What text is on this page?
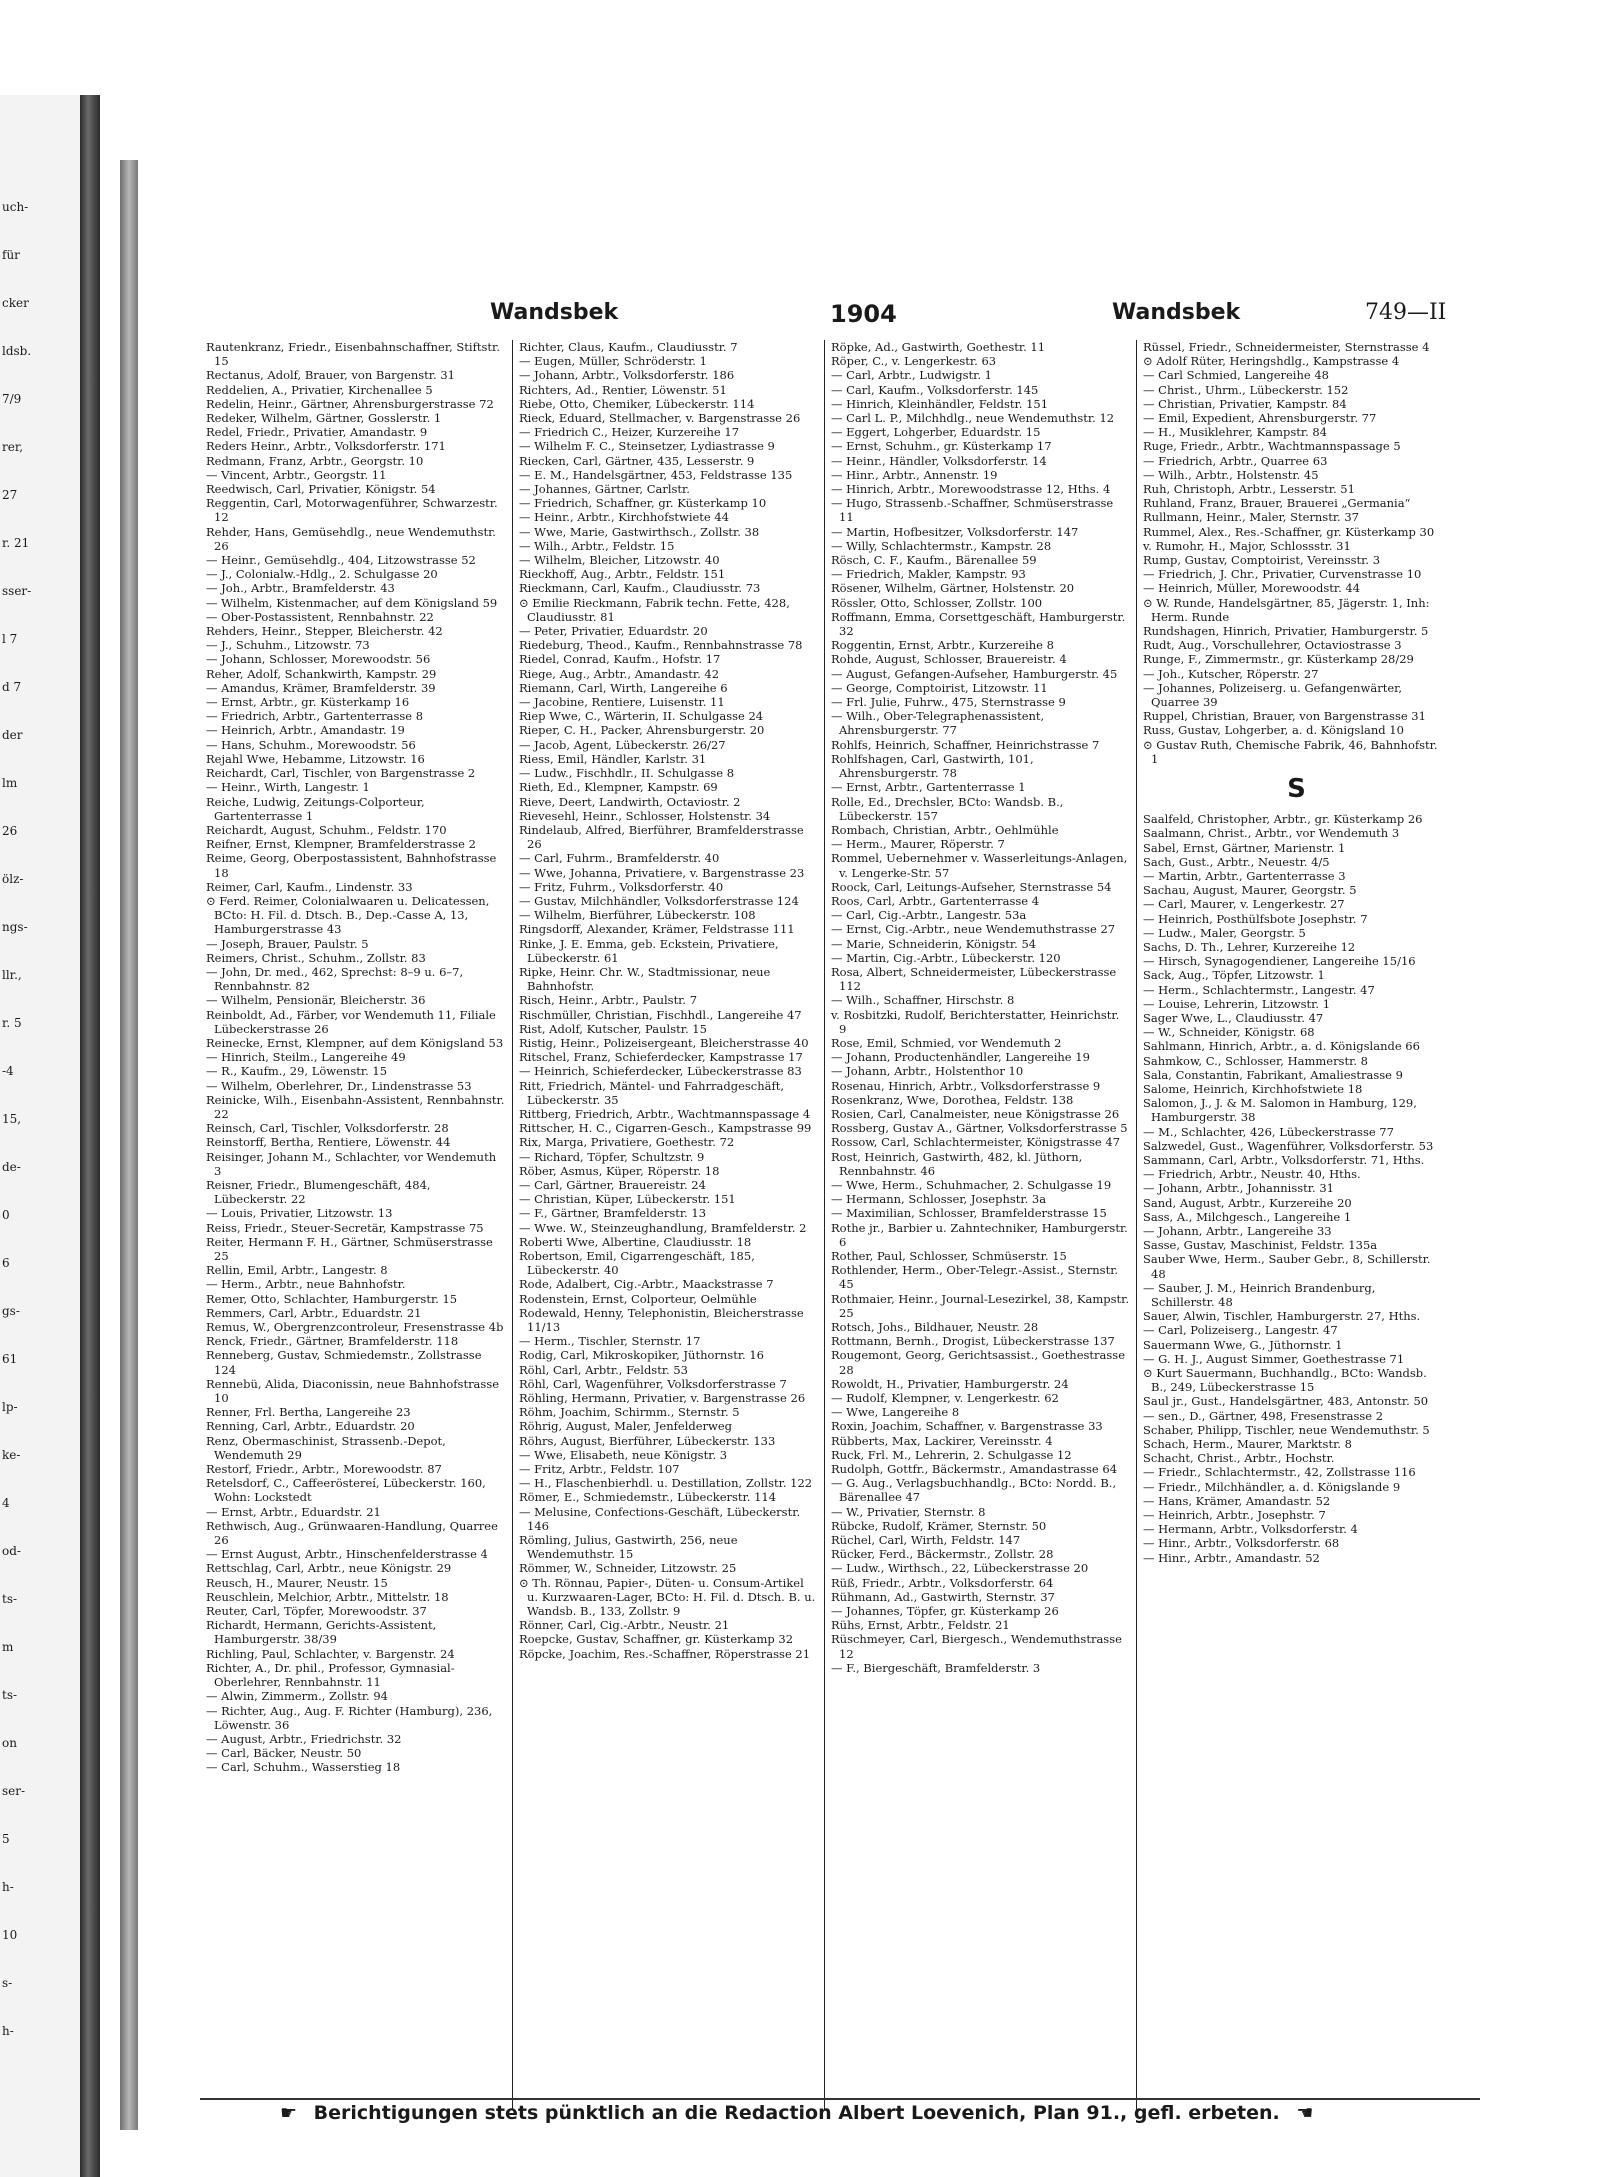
uch-
für
cker
ldsb.
7/9
rer,
27
r. 21
sser-
l 7
d 7
der
lm
26
ölz-
ngs-
llr.,
r. 5
-4
15,
de-
0
6
gs-
61
lp-
ke-
4
od-
ts-
m
ts-
on
ser-
5
h-
10
s-
h-
Wandsbek	1904	Wandsbek	749—II

Rautenkranz, Friedr., Eisenbahnschaffner, Stiftstr. 15

Rectanus, Adolf, Brauer, von Bargenstr. 31

Reddelien, A., Privatier, Kirchenallee 5

Redelin, Heinr., Gärtner, Ahrensburgerstrasse 72

Redeker, Wilhelm, Gärtner, Gosslerstr. 1

Redel, Friedr., Privatier, Amandastr. 9

Reders Heinr., Arbtr., Volksdorferstr. 171

Redmann, Franz, Arbtr., Georgstr. 10

— Vincent, Arbtr., Georgstr. 11

Reedwisch, Carl, Privatier, Königstr. 54

Reggentin, Carl, Motorwagenführer, Schwarzestr. 12

Rehder, Hans, Gemüsehdlg., neue Wendemuthstr. 26

— Heinr., Gemüsehdlg., 404, Litzowstrasse 52

— J., Colonialw.-Hdlg., 2. Schulgasse 20

— Joh., Arbtr., Bramfelderstr. 43

— Wilhelm, Kistenmacher, auf dem Königsland 59

— Ober-Postassistent, Rennbahnstr. 22

Rehders, Heinr., Stepper, Bleicherstr. 42

— J., Schuhm., Litzowstr. 73

— Johann, Schlosser, Morewoodstr. 56

Reher, Adolf, Schankwirth, Kampstr. 29

— Amandus, Krämer, Bramfelderstr. 39

— Ernst, Arbtr., gr. Küsterkamp 16

— Friedrich, Arbtr., Gartenterrasse 8

— Heinrich, Arbtr., Amandastr. 19

— Hans, Schuhm., Morewoodstr. 56

Rejahl Wwe, Hebamme, Litzowstr. 16

Reichardt, Carl, Tischler, von Bargenstrasse 2

— Heinr., Wirth, Langestr. 1

Reiche, Ludwig, Zeitungs-Colporteur, Gartenterrasse 1

Reichardt, August, Schuhm., Feldstr. 170

Reifner, Ernst, Klempner, Bramfelderstrasse 2

Reime, Georg, Oberpostassistent, Bahnhofstrasse 18

Reimer, Carl, Kaufm., Lindenstr. 33

⊙ Ferd. Reimer, Colonialwaaren u. Delicatessen, BCto: H. Fil. d. Dtsch. B., Dep.-Casse A, 13, Hamburgerstrasse 43

— Joseph, Brauer, Paulstr. 5

Reimers, Christ., Schuhm., Zollstr. 83

— John, Dr. med., 462, Sprechst: 8–9 u. 6–7, Rennbahnstr. 82

— Wilhelm, Pensionär, Bleicherstr. 36

Reinboldt, Ad., Färber, vor Wendemuth 11, Filiale Lübeckerstrasse 26

Reinecke, Ernst, Klempner, auf dem Königsland 53

— Hinrich, Steilm., Langereihe 49

— R., Kaufm., 29, Löwenstr. 15

— Wilhelm, Oberlehrer, Dr., Lindenstrasse 53

Reinicke, Wilh., Eisenbahn-Assistent, Rennbahnstr. 22

Reinsch, Carl, Tischler, Volksdorferstr. 28

Reinstorff, Bertha, Rentiere, Löwenstr. 44

Reisinger, Johann M., Schlachter, vor Wendemuth 3

Reisner, Friedr., Blumengeschäft, 484, Lübeckerstr. 22

— Louis, Privatier, Litzowstr. 13

Reiss, Friedr., Steuer-Secretär, Kampstrasse 75

Reiter, Hermann F. H., Gärtner, Schmüserstrasse 25

Rellin, Emil, Arbtr., Langestr. 8

— Herm., Arbtr., neue Bahnhofstr.

Remer, Otto, Schlachter, Hamburgerstr. 15

Remmers, Carl, Arbtr., Eduardstr. 21

Remus, W., Obergrenzcontroleur, Fresenstrasse 4b

Renck, Friedr., Gärtner, Bramfelderstr. 118

Renneberg, Gustav, Schmiedemstr., Zollstrasse 124

Rennebü, Alida, Diaconissin, neue Bahnhofstrasse 10

Renner, Frl. Bertha, Langereihe 23

Renning, Carl, Arbtr., Eduardstr. 20

Renz, Obermaschinist, Strassenb.-Depot, Wendemuth 29

Restorf, Friedr., Arbtr., Morewoodstr. 87

Retelsdorf, C., Caffeeröstereí, Lübeckerstr. 160, Wohn: Lockstedt

— Ernst, Arbtr., Eduardstr. 21

Rethwisch, Aug., Grünwaaren-Handlung, Quarree 26

— Ernst August, Arbtr., Hinschenfelderstrasse 4

Rettschlag, Carl, Arbtr., neue Königstr. 29

Reusch, H., Maurer, Neustr. 15

Reuschlein, Melchior, Arbtr., Mittelstr. 18

Reuter, Carl, Töpfer, Morewoodstr. 37

Richardt, Hermann, Gerichts-Assistent, Hamburgerstr. 38/39

Richling, Paul, Schlachter, v. Bargenstr. 24

Richter, A., Dr. phil., Professor, Gymnasial-Oberlehrer, Rennbahnstr. 11

— Alwin, Zimmerm., Zollstr. 94

— Richter, Aug., Aug. F. Richter (Hamburg), 236, Löwenstr. 36

— August, Arbtr., Friedrichstr. 32

— Carl, Bäcker, Neustr. 50

— Carl, Schuhm., Wasserstieg 18

Richter, Claus, Kaufm., Claudiusstr. 7

— Eugen, Müller, Schröderstr. 1

— Johann, Arbtr., Volksdorferstr. 186

Richters, Ad., Rentier, Löwenstr. 51

Riebe, Otto, Chemiker, Lübeckerstr. 114

Rieck, Eduard, Stellmacher, v. Bargenstrasse 26

— Friedrich C., Heizer, Kurzereihe 17

— Wilhelm F. C., Steinsetzer, Lydiastrasse 9

Riecken, Carl, Gärtner, 435, Lesserstr. 9

— E. M., Handelsgärtner, 453, Feldstrasse 135

— Johannes, Gärtner, Carlstr.

— Friedrich, Schaffner, gr. Küsterkamp 10

— Heinr., Arbtr., Kirchhofstwiete 44

— Wwe, Marie, Gastwirthsch., Zollstr. 38

— Wilh., Arbtr., Feldstr. 15

— Wilhelm, Bleicher, Litzowstr. 40

Rieckhoff, Aug., Arbtr., Feldstr. 151

Rieckmann, Carl, Kaufm., Claudiusstr. 73

⊙ Emilie Rieckmann, Fabrik techn. Fette, 428, Claudiusstr. 81

— Peter, Privatier, Eduardstr. 20

Riedeburg, Theod., Kaufm., Rennbahnstrasse 78

Riedel, Conrad, Kaufm., Hofstr. 17

Riege, Aug., Arbtr., Amandastr. 42

Riemann, Carl, Wirth, Langereihe 6

— Jacobine, Rentiere, Luisenstr. 11

Riep Wwe, C., Wärterin, II. Schulgasse 24

Rieper, C. H., Packer, Ahrensburgerstr. 20

— Jacob, Agent, Lübeckerstr. 26/27

Riess, Emil, Händler, Karlstr. 31

— Ludw., Fischhdlr., II. Schulgasse 8

Rieth, Ed., Klempner, Kampstr. 69

Rieve, Deert, Landwirth, Octaviostr. 2

Rievesehl, Heinr., Schlosser, Holstenstr. 34

Rindelaub, Alfred, Bierführer, Bramfelderstrasse 26

— Carl, Fuhrm., Bramfelderstr. 40

— Wwe, Johanna, Privatiere, v. Bargenstrasse 23

— Fritz, Fuhrm., Volksdorferstr. 40

— Gustav, Milchhändler, Volksdorferstrasse 124

— Wilhelm, Bierführer, Lübeckerstr. 108

Ringsdorff, Alexander, Krämer, Feldstrasse 111

Rinke, J. E. Emma, geb. Eckstein, Privatiere, Lübeckerstr. 61

Ripke, Heinr. Chr. W., Stadtmissionar, neue Bahnhofstr.

Risch, Heinr., Arbtr., Paulstr. 7

Rischmüller, Christian, Fischhdl., Langereihe 47

Rist, Adolf, Kutscher, Paulstr. 15

Ristig, Heinr., Polizeisergeant, Bleicherstrasse 40

Ritschel, Franz, Schieferdecker, Kampstrasse 17

— Heinrich, Schieferdecker, Lübeckerstrasse 83

Ritt, Friedrich, Mäntel- und Fahrradgeschäft, Lübeckerstr. 35

Rittberg, Friedrich, Arbtr., Wachtmannspassage 4

Rittscher, H. C., Cigarren-Gesch., Kampstrasse 99

Rix, Marga, Privatiere, Goethestr. 72

— Richard, Töpfer, Schultzstr. 9

Röber, Asmus, Küper, Röperstr. 18

— Carl, Gärtner, Brauereistr. 24

— Christian, Küper, Lübeckerstr. 151

— F., Gärtner, Bramfelderstr. 13

— Wwe. W., Steinzeughandlung, Bramfelderstr. 2

Roberti Wwe, Albertine, Claudiusstr. 18

Robertson, Emil, Cigarrengeschäft, 185, Lübeckerstr. 40

Rode, Adalbert, Cig.-Arbtr., Maackstrasse 7

Rodenstein, Ernst, Colporteur, Oelmühle

Rodewald, Henny, Telephonistin, Bleicherstrasse 11/13

— Herm., Tischler, Sternstr. 17

Rodig, Carl, Mikroskopiker, Jüthornstr. 16

Röhl, Carl, Arbtr., Feldstr. 53

Röhl, Carl, Wagenführer, Volksdorferstrasse 7

Röhling, Hermann, Privatier, v. Bargenstrasse 26

Röhm, Joachim, Schirmm., Sternstr. 5

Röhrig, August, Maler, Jenfelderweg

Röhrs, August, Bierführer, Lübeckerstr. 133

— Wwe, Elisabeth, neue Königstr. 3

— Fritz, Arbtr., Feldstr. 107

— H., Flaschenbierhdl. u. Destillation, Zollstr. 122

Römer, E., Schmiedemstr., Lübeckerstr. 114

— Melusine, Confections-Geschäft, Lübeckerstr. 146

Römling, Julius, Gastwirth, 256, neue Wendemuthstr. 15

Römmer, W., Schneider, Litzowstr. 25

⊙ Th. Rönnau, Papier-, Düten- u. Consum-Artikel u. Kurzwaaren-Lager, BCto: H. Fil. d. Dtsch. B. u. Wandsb. B., 133, Zollstr. 9

Rönner, Carl, Cig.-Arbtr., Neustr. 21

Roepcke, Gustav, Schaffner, gr. Küsterkamp 32

Röpcke, Joachim, Res.-Schaffner, Röperstrasse 21

Röpke, Ad., Gastwirth, Goethestr. 11

Röper, C., v. Lengerkestr. 63

— Carl, Arbtr., Ludwigstr. 1

— Carl, Kaufm., Volksdorferstr. 145

— Hinrich, Kleinhändler, Feldstr. 151

— Carl L. P., Milchhdlg., neue Wendemuthstr. 12

— Eggert, Lohgerber, Eduardstr. 15

— Ernst, Schuhm., gr. Küsterkamp 17

— Heinr., Händler, Volksdorferstr. 14

— Hinr., Arbtr., Annenstr. 19

— Hinrich, Arbtr., Morewoodstrasse 12, Hths. 4

— Hugo, Strassenb.-Schaffner, Schmüserstrasse 11

— Martin, Hofbesitzer, Volksdorferstr. 147

— Willy, Schlachtermstr., Kampstr. 28

Rösch, C. F., Kaufm., Bärenallee 59

— Friedrich, Makler, Kampstr. 93

Rösener, Wilhelm, Gärtner, Holstenstr. 20

Rössler, Otto, Schlosser, Zollstr. 100

Roffmann, Emma, Corsettgeschäft, Hamburgerstr. 32

Roggentin, Ernst, Arbtr., Kurzereihe 8

Rohde, August, Schlosser, Brauereistr. 4

— August, Gefangen-Aufseher, Hamburgerstr. 45

— George, Comptoirist, Litzowstr. 11

— Frl. Julie, Fuhrw., 475, Sternstrasse 9

— Wilh., Ober-Telegraphenassistent, Ahrensburgerstr. 77

Rohlfs, Heinrich, Schaffner, Heinrichstrasse 7

Rohlfshagen, Carl, Gastwirth, 101, Ahrensburgerstr. 78

— Ernst, Arbtr., Gartenterrasse 1

Rolle, Ed., Drechsler, BCto: Wandsb. B., Lübeckerstr. 157

Rombach, Christian, Arbtr., Oehlmühle

— Herm., Maurer, Röperstr. 7

Rommel, Uebernehmer v. Wasserleitungs-Anlagen, v. Lengerke-Str. 57

Roock, Carl, Leitungs-Aufseher, Sternstrasse 54

Roos, Carl, Arbtr., Gartenterrasse 4

— Carl, Cig.-Arbtr., Langestr. 53a

— Ernst, Cig.-Arbtr., neue Wendemuthstrasse 27

— Marie, Schneiderin, Königstr. 54

— Martin, Cig.-Arbtr., Lübeckerstr. 120

Rosa, Albert, Schneidermeister, Lübeckerstrasse 112

— Wilh., Schaffner, Hirschstr. 8

v. Rosbitzki, Rudolf, Berichterstatter, Heinrichstr. 9

Rose, Emil, Schmied, vor Wendemuth 2

— Johann, Productenhändler, Langereihe 19

— Johann, Arbtr., Holstenthor 10

Rosenau, Hinrich, Arbtr., Volksdorferstrasse 9

Rosenkranz, Wwe, Dorothea, Feldstr. 138

Rosien, Carl, Canalmeister, neue Königstrasse 26

Rossberg, Gustav A., Gärtner, Volksdorferstrasse 5

Rossow, Carl, Schlachtermeister, Königstrasse 47

Rost, Heinrich, Gastwirth, 482, kl. Jüthorn, Rennbahnstr. 46

— Wwe, Herm., Schuhmacher, 2. Schulgasse 19

— Hermann, Schlosser, Josephstr. 3a

— Maximilian, Schlosser, Bramfelderstrasse 15

Rothe jr., Barbier u. Zahntechniker, Hamburgerstr. 6

Rother, Paul, Schlosser, Schmüserstr. 15

Rothlender, Herm., Ober-Telegr.-Assist., Sternstr. 45

Rothmaier, Heinr., Journal-Lesezirkel, 38, Kampstr. 25

Rotsch, Johs., Bildhauer, Neustr. 28

Rottmann, Bernh., Drogist, Lübeckerstrasse 137

Rougemont, Georg, Gerichtsassist., Goethestrasse 28

Rowoldt, H., Privatier, Hamburgerstr. 24

— Rudolf, Klempner, v. Lengerkestr. 62

— Wwe, Langereihe 8

Roxin, Joachim, Schaffner, v. Bargenstrasse 33

Rübberts, Max, Lackirer, Vereinsstr. 4

Ruck, Frl. M., Lehrerin, 2. Schulgasse 12

Rudolph, Gottfr., Bäckermstr., Amandastrasse 64

— G. Aug., Verlagsbuchhandlg., BCto: Nordd. B., Bärenallee 47

— W., Privatier, Sternstr. 8

Rübcke, Rudolf, Krämer, Sternstr. 50

Rüchel, Carl, Wirth, Feldstr. 147

Rücker, Ferd., Bäckermstr., Zollstr. 28

— Ludw., Wirthsch., 22, Lübeckerstrasse 20

Rüß, Friedr., Arbtr., Volksdorferstr. 64

Rühmann, Ad., Gastwirth, Sternstr. 37

— Johannes, Töpfer, gr. Küsterkamp 26

Rühs, Ernst, Arbtr., Feldstr. 21

Rüschmeyer, Carl, Biergesch., Wendemuthstrasse 12

— F., Biergeschäft, Bramfelderstr. 3

Rüssel, Friedr., Schneidermeister, Sternstrasse 4

⊙ Adolf Rüter, Heringshdlg., Kampstrasse 4

— Carl Schmied, Langereihe 48

— Christ., Uhrm., Lübeckerstr. 152

— Christian, Privatier, Kampstr. 84

— Emil, Expedient, Ahrensburgerstr. 77

— H., Musiklehrer, Kampstr. 84

Ruge, Friedr., Arbtr., Wachtmannspassage 5

— Friedrich, Arbtr., Quarree 63

— Wilh., Arbtr., Holstenstr. 45

Ruh, Christoph, Arbtr., Lesserstr. 51

Ruhland, Franz, Brauer, Brauerei „Germania“

Rullmann, Heinr., Maler, Sternstr. 37

Rummel, Alex., Res.-Schaffner, gr. Küsterkamp 30

v. Rumohr, H., Major, Schlossstr. 31

Rump, Gustav, Comptoirist, Vereinsstr. 3

— Friedrich, J. Chr., Privatier, Curvenstrasse 10

— Heinrich, Müller, Morewoodstr. 44

⊙ W. Runde, Handelsgärtner, 85, Jägerstr. 1, Inh: Herm. Runde

Rundshagen, Hinrich, Privatier, Hamburgerstr. 5

Rudt, Aug., Vorschullehrer, Octaviostrasse 3

Runge, F., Zimmermstr., gr. Küsterkamp 28/29

— Joh., Kutscher, Röperstr. 27

— Johannes, Polizeiserg. u. Gefangenwärter, Quarree 39

Ruppel, Christian, Brauer, von Bargenstrasse 31

Russ, Gustav, Lohgerber, a. d. Königsland 10

⊙ Gustav Ruth, Chemische Fabrik, 46, Bahnhofstr. 1

S

Saalfeld, Christopher, Arbtr., gr. Küsterkamp 26

Saalmann, Christ., Arbtr., vor Wendemuth 3

Sabel, Ernst, Gärtner, Marienstr. 1

Sach, Gust., Arbtr., Neuestr. 4/5

— Martin, Arbtr., Gartenterrasse 3

Sachau, August, Maurer, Georgstr. 5

— Carl, Maurer, v. Lengerkestr. 27

— Heinrich, Posthülfsbote Josephstr. 7

— Ludw., Maler, Georgstr. 5

Sachs, D. Th., Lehrer, Kurzereihe 12

— Hirsch, Synagogendiener, Langereihe 15/16

Sack, Aug., Töpfer, Litzowstr. 1

— Herm., Schlachtermstr., Langestr. 47

— Louise, Lehrerin, Litzowstr. 1

Sager Wwe, L., Claudiusstr. 47

— W., Schneider, Königstr. 68

Sahlmann, Hinrich, Arbtr., a. d. Königslande 66

Sahmkow, C., Schlosser, Hammerstr. 8

Sala, Constantin, Fabrikant, Amaliestrasse 9

Salome, Heinrich, Kirchhofstwiete 18

Salomon, J., J. & M. Salomon in Hamburg, 129, Hamburgerstr. 38

— M., Schlachter, 426, Lübeckerstrasse 77

Salzwedel, Gust., Wagenführer, Volksdorferstr. 53

Sammann, Carl, Arbtr., Volksdorferstr. 71, Hths.

— Friedrich, Arbtr., Neustr. 40, Hths.

— Johann, Arbtr., Johannisstr. 31

Sand, August, Arbtr., Kurzereihe 20

Sass, A., Milchgesch., Langereihe 1

— Johann, Arbtr., Langereihe 33

Sasse, Gustav, Maschinist, Feldstr. 135a

Sauber Wwe, Herm., Sauber Gebr., 8, Schillerstr. 48

— Sauber, J. M., Heinrich Brandenburg, Schillerstr. 48

Sauer, Alwin, Tischler, Hamburgerstr. 27, Hths.

— Carl, Polizeiserg., Langestr. 47

Sauermann Wwe, G., Jüthornstr. 1

— G. H. J., August Simmer, Goethestrasse 71

⊙ Kurt Sauermann, Buchhandlg., BCto: Wandsb. B., 249, Lübeckerstrasse 15

Saul jr., Gust., Handelsgärtner, 483, Antonstr. 50

— sen., D., Gärtner, 498, Fresenstrasse 2

Schaber, Philipp, Tischler, neue Wendemuthstr. 5

Schach, Herm., Maurer, Marktstr. 8

Schacht, Christ., Arbtr., Hochstr.

— Friedr., Schlachtermstr., 42, Zollstrasse 116

— Friedr., Milchhändler, a. d. Königslande 9

— Hans, Krämer, Amandastr. 52

— Heinrich, Arbtr., Josephstr. 7

— Hermann, Arbtr., Volksdorferstr. 4

— Hinr., Arbtr., Volksdorferstr. 68

— Hinr., Arbtr., Amandastr. 52

☛ Berichtigungen stets pünktlich an die Redaction Albert Loevenich, Plan 91., gefl. erbeten. ☚
